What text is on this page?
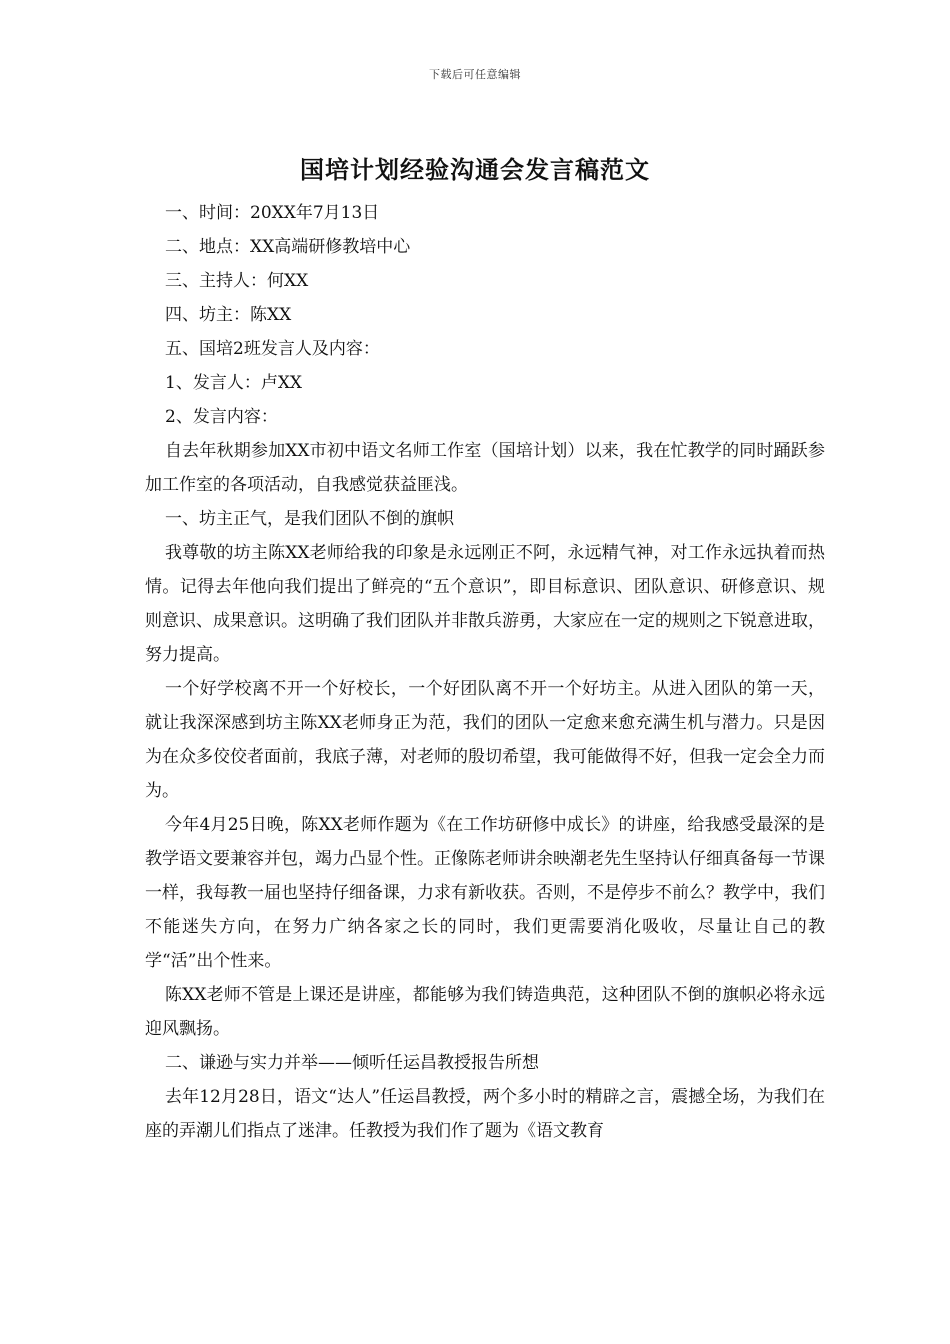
下载后可任意编辑
国培计划经验沟通会发言稿范文

一、时间：20XX年7月13日

二、地点：XX高端研修教培中心

三、主持人：何XX

四、坊主：陈XX

五、国培2班发言人及内容：

1、发言人：卢XX

2、发言内容：

自去年秋期参加XX市初中语文名师工作室（国培计划）以来，我在忙教学的同时踊跃参加工作室的各项活动，自我感觉获益匪浅。

一、坊主正气，是我们团队不倒的旗帜

我尊敬的坊主陈XX老师给我的印象是永远刚正不阿，永远精气神，对工作永远执着而热情。记得去年他向我们提出了鲜亮的“五个意识”，即目标意识、团队意识、研修意识、规则意识、成果意识。这明确了我们团队并非散兵游勇，大家应在一定的规则之下锐意进取，努力提高。

一个好学校离不开一个好校长，一个好团队离不开一个好坊主。从进入团队的第一天，就让我深深感到坊主陈XX老师身正为范，我们的团队一定愈来愈充满生机与潜力。只是因为在众多佼佼者面前，我底子薄，对老师的殷切希望，我可能做得不好，但我一定会全力而为。

今年4月25日晚，陈XX老师作题为《在工作坊研修中成长》的讲座，给我感受最深的是教学语文要兼容并包，竭力凸显个性。正像陈老师讲余映潮老先生坚持认仔细真备每一节课一样，我每教一届也坚持仔细备课，力求有新收获。否则，不是停步不前么？教学中，我们不能迷失方向，在努力广纳各家之长的同时，我们更需要消化吸收，尽量让自己的教学“活”出个性来。

陈XX老师不管是上课还是讲座，都能够为我们铸造典范，这种团队不倒的旗帜必将永远迎风飘扬。

二、谦逊与实力并举——倾听任运昌教授报告所想

去年12月28日，语文“达人”任运昌教授，两个多小时的精辟之言，震撼全场，为我们在座的弄潮儿们指点了迷津。任教授为我们作了题为《语文教育
